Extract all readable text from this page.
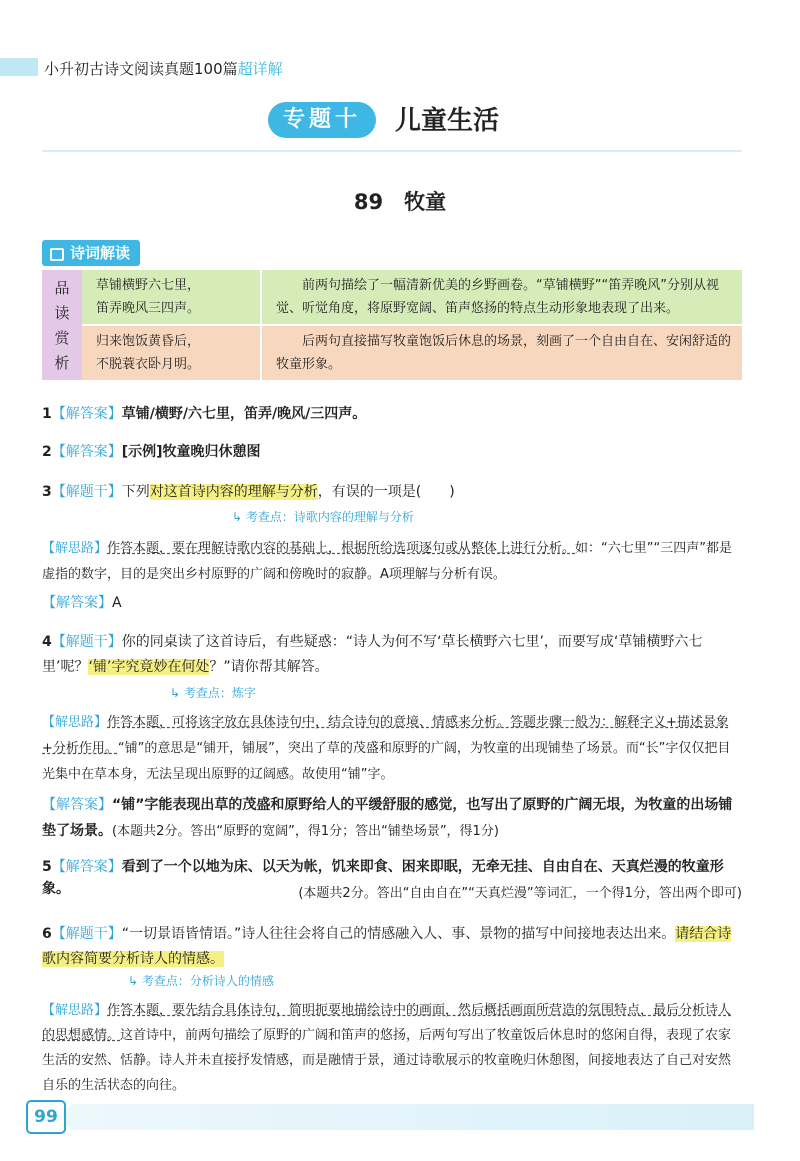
小升初古诗文阅读真题100篇超详解
专题十	儿童生活
89　牧童
诗词解读
品
读
赏
析
草铺横野六七里，
笛弄晚风三四声。
前两句描绘了一幅清新优美的乡野画卷。“草铺横野”“笛弄晚风”分别从视觉、听觉角度，将原野宽阔、笛声悠扬的特点生动形象地表现了出来。
归来饱饭黄昏后，
不脱蓑衣卧月明。
后两句直接描写牧童饱饭后休息的场景，刻画了一个自由自在、安闲舒适的牧童形象。
1【解答案】草铺/横野/六七里，笛弄/晚风/三四声。
2【解答案】[示例]牧童晚归休憩图
3【解题干】下列对这首诗内容的理解与分析，有误的一项是(　　)
↳ 考查点：诗歌内容的理解与分析
【解思路】作答本题，要在理解诗歌内容的基础上，根据所给选项逐句或从整体上进行分析。如：“六七里”“三四声”都是虚指的数字，目的是突出乡村原野的广阔和傍晚时的寂静。A项理解与分析有误。
【解答案】A
4【解题干】你的同桌读了这首诗后，有些疑惑：“诗人为何不写‘草长横野六七里’，而要写成‘草铺横野六七里’呢？‘铺’字究竟妙在何处？”请你帮其解答。
↳ 考查点：炼字
【解思路】作答本题，可将该字放在具体诗句中，结合诗句的意境、情感来分析。答题步骤一般为：解释字义+描述景象+分析作用。“铺”的意思是“铺开，铺展”，突出了草的茂盛和原野的广阔，为牧童的出现铺垫了场景。而“长”字仅仅把目光集中在草本身，无法呈现出原野的辽阔感。故使用“铺”字。
【解答案】“铺”字能表现出草的茂盛和原野给人的平缓舒服的感觉，也写出了原野的广阔无垠，为牧童的出场铺垫了场景。(本题共2分。答出“原野的宽阔”，得1分；答出“铺垫场景”，得1分)
5【解答案】看到了一个以地为床、以天为帐，饥来即食、困来即眠，无牵无挂、自由自在、天真烂漫的牧童形象。	(本题共2分。答出“自由自在”“天真烂漫”等词汇，一个得1分，答出两个即可)
6【解题干】“一切景语皆情语。”诗人往往会将自己的情感融入人、事、景物的描写中间接地表达出来。请结合诗歌内容简要分析诗人的情感。
↳ 考查点：分析诗人的情感
【解思路】作答本题，要先结合具体诗句，简明扼要地描绘诗中的画面，然后概括画面所营造的氛围特点，最后分析诗人的思想感情。这首诗中，前两句描绘了原野的广阔和笛声的悠扬，后两句写出了牧童饭后休息时的悠闲自得，表现了农家生活的安然、恬静。诗人并未直接抒发情感，而是融情于景，通过诗歌展示的牧童晚归休憩图，间接地表达了自己对安然自乐的生活状态的向往。
99
